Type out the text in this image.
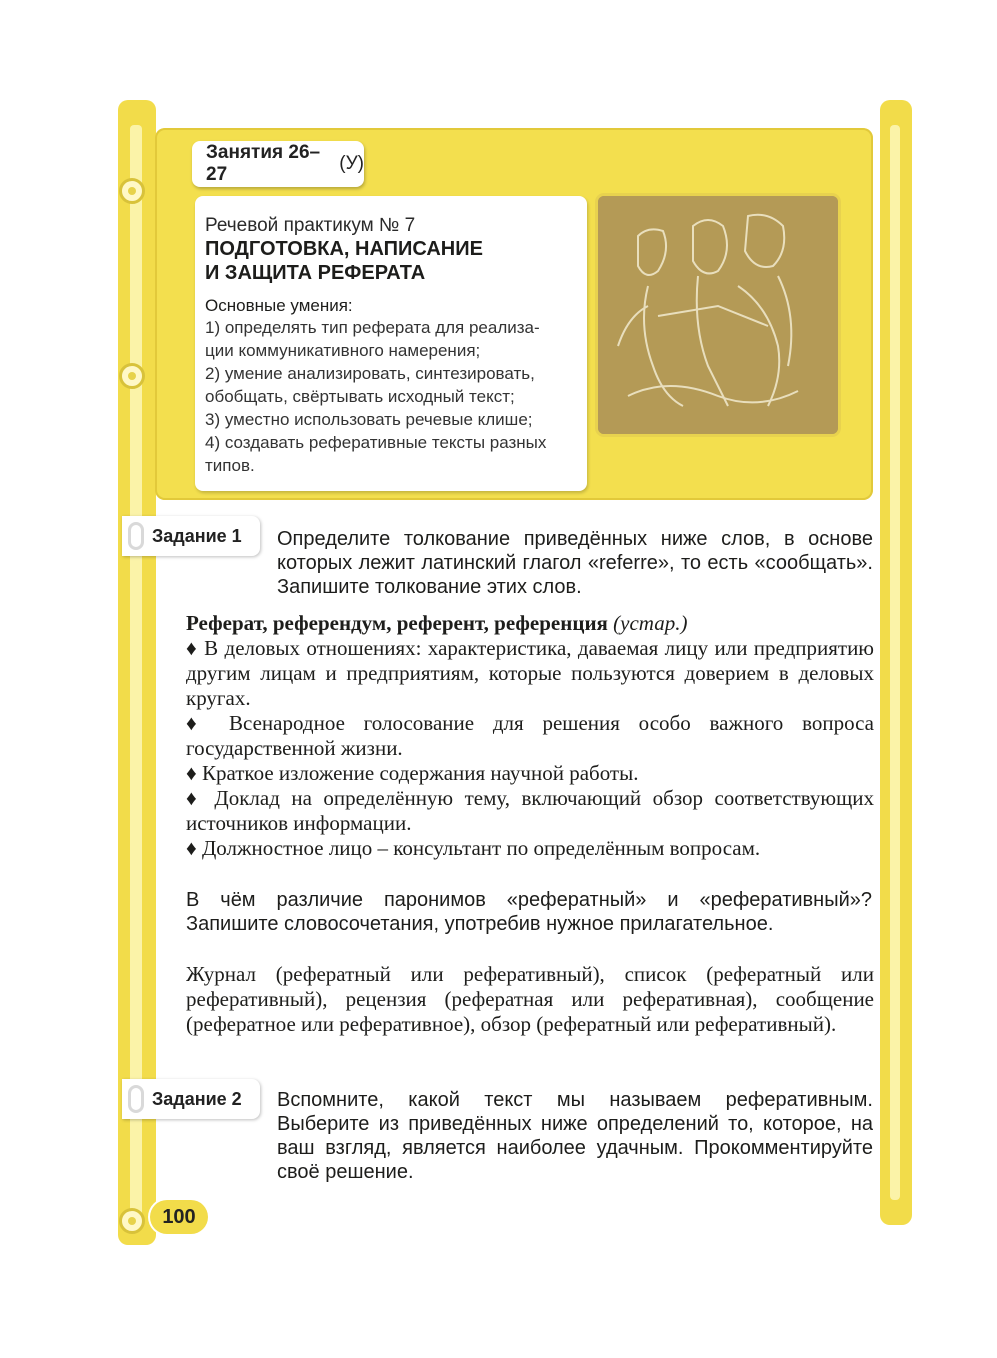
Занятия 26–27
(У)
Речевой практикум № 7
ПОДГОТОВКА, НАПИСАНИЕ
И ЗАЩИТА РЕФЕРАТА
Основные умения:
1) определять тип реферата для реализа-
ции коммуникативного намерения;
2) умение анализировать, синтезировать,
обобщать, свёртывать исходный текст;
3) уместно использовать речевые клише;
4) создавать реферативные тексты разных
типов.
Задание 1 Определите толкование приведённых ниже слов, в основе которых лежит латинский глагол «referre», то есть «сообщать». Запишите толкование этих слов.
Реферат, референдум, референт, референция (устар.)
♦ В деловых отношениях: характеристика, даваемая лицу или предприятию другим лицам и предприятиям, которые пользуются доверием в деловых кругах.
♦ Всенародное голосование для решения особо важного вопроса государственной жизни.
♦ Краткое изложение содержания научной работы.
♦ Доклад на определённую тему, включающий обзор соответствующих источников информации.
♦ Должностное лицо – консультант по определённым вопросам.
В чём различие паронимов «рефератный» и «реферативный»? Запишите словосочетания, употребив нужное прилагательное.
Журнал (рефератный или реферативный), список (рефератный или реферативный), рецензия (рефератная или реферативная), сообщение (рефератное или реферативное), обзор (рефератный или реферативный).
Задание 2 Вспомните, какой текст мы называем реферативным. Выберите из приведённых ниже определений то, которое, на ваш взгляд, является наиболее удачным. Прокомментируйте своё решение.
100
